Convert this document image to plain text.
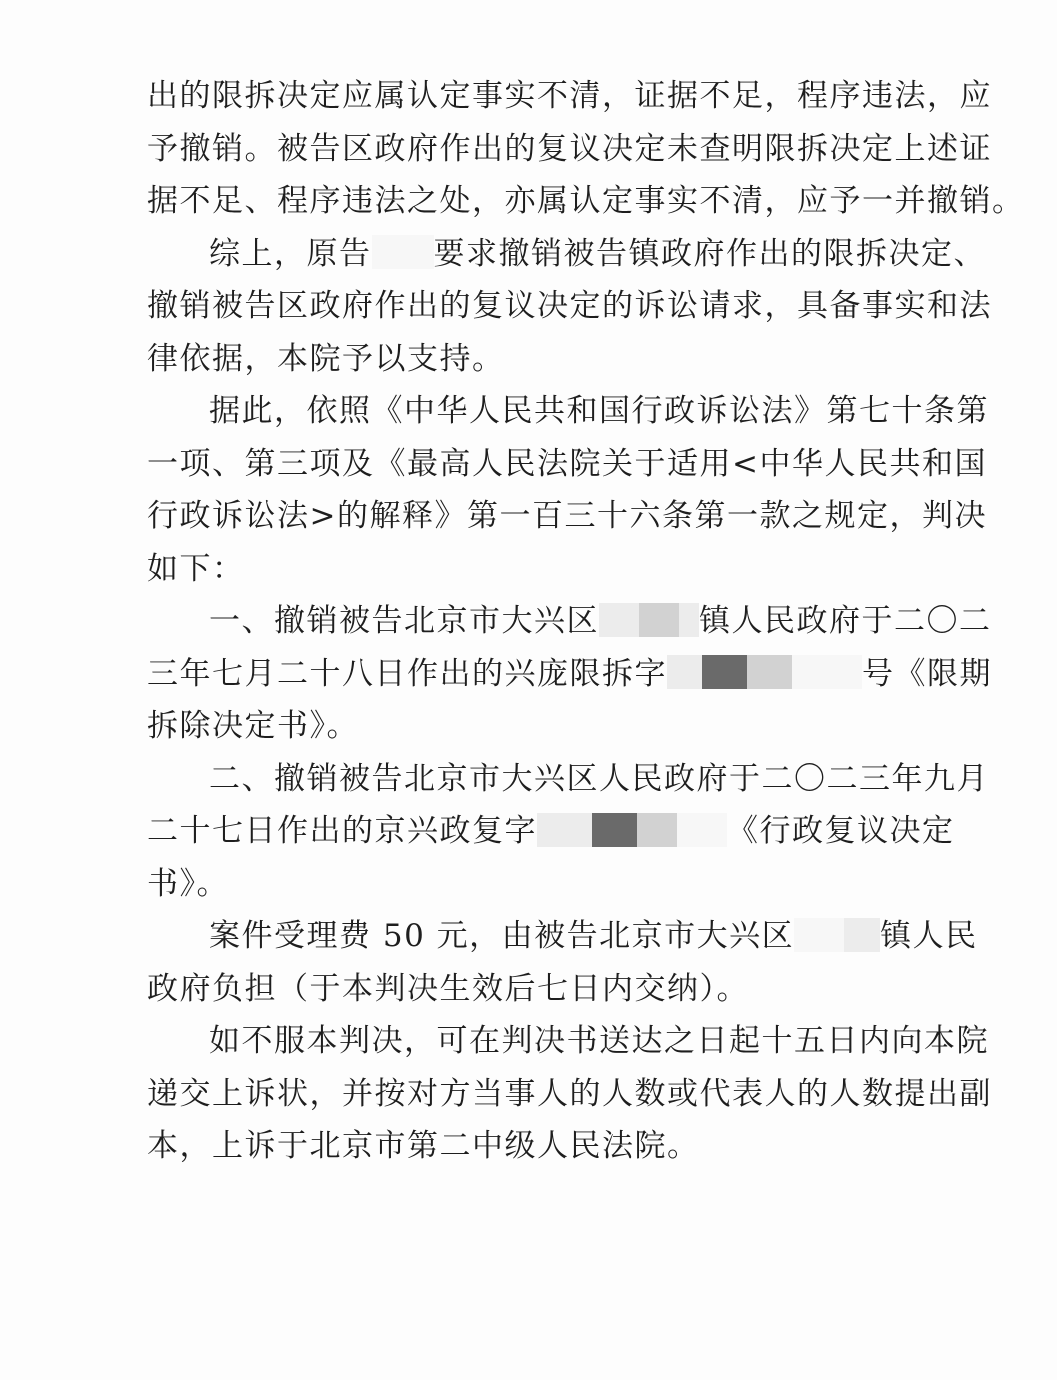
出的限拆决定应属认定事实不清，证据不足，程序违法，应
予撤销。被告区政府作出的复议决定未查明限拆决定上述证
据不足、程序违法之处，亦属认定事实不清，应予一并撤销。
综上，原告 要求撤销被告镇政府作出的限拆决定、
撤销被告区政府作出的复议决定的诉讼请求，具备事实和法
律依据，本院予以支持。
据此，依照《中华人民共和国行政诉讼法》第七十条第
一项、第三项及《最高人民法院关于适用<中华人民共和国
行政诉讼法>的解释》第一百三十六条第一款之规定，判决
如下：
一、撤销被告北京市大兴区	镇人民政府于二〇二
三年七月二十八日作出的兴庞限拆字	号《限期
拆除决定书》。
二、撤销被告北京市大兴区人民政府于二〇二三年九月
二十七日作出的京兴政复字	《行政复议决定
书》。
案件受理费 50 元，由被告北京市大兴区	镇人民
政府负担（于本判决生效后七日内交纳）。
如不服本判决，可在判决书送达之日起十五日内向本院
递交上诉状，并按对方当事人的人数或代表人的人数提出副
本，上诉于北京市第二中级人民法院。
